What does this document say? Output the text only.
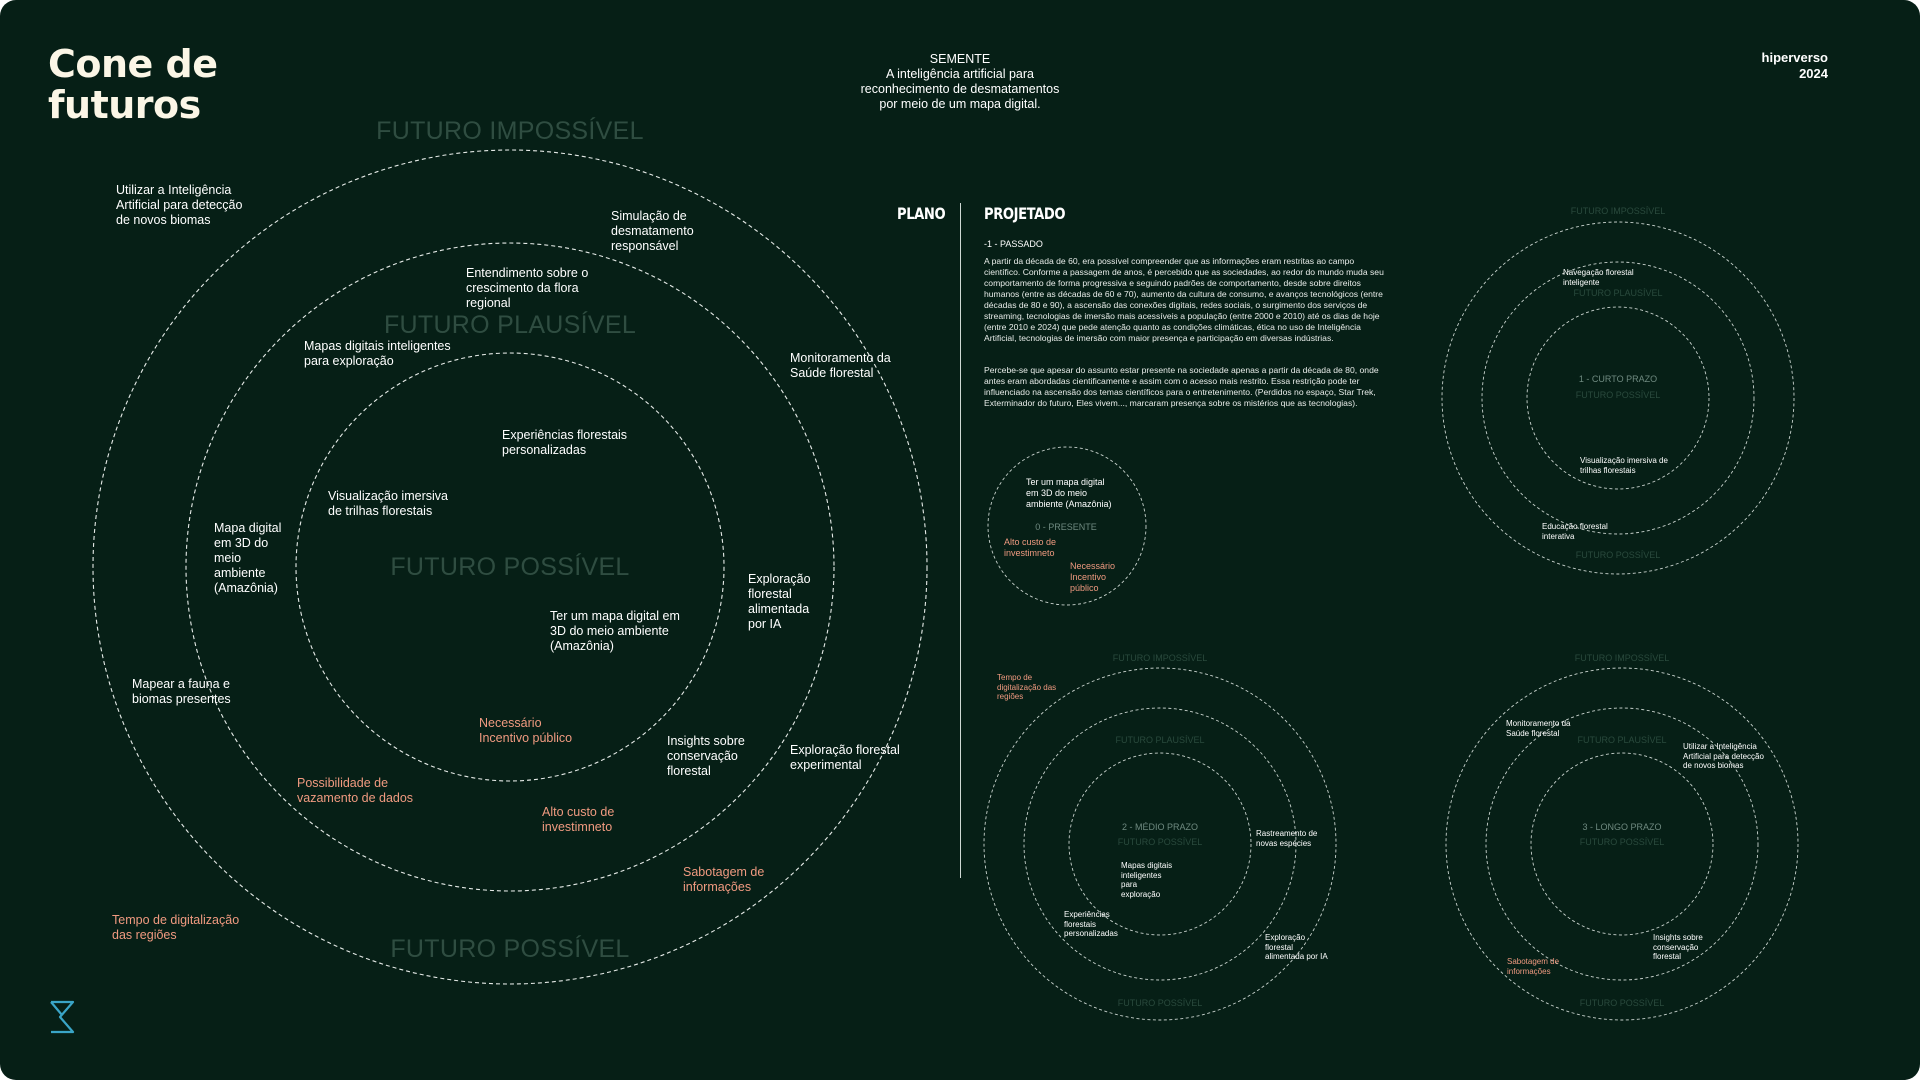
Cone de
futuros
SEMENTE
A inteligência artificial para reconhecimento de desmatamentos por meio de um mapa digital.
hiperverso
2024
FUTURO IMPOSSÍVEL
FUTURO PLAUSÍVEL
FUTURO POSSÍVEL
FUTURO POSSÍVEL
Utilizar a Inteligência
Artificial para detecção
de novos biomas	Simulação de
desmatamento
responsável
Entendimento sobre o
crescimento da flora
regional
Mapas digitais inteligentes
para exploração	Monitoramento da
Saúde florestal
Experiências florestais
personalizadas
Visualização imersiva
de trilhas florestais
Mapa digital
em 3D do
meio
ambiente
(Amazônia)
Exploração
florestal
alimentada
por IA
Ter um mapa digital em
3D do meio ambiente
(Amazônia)
Mapear a fauna e
biomas presentes
Insights sobre
conservação
florestal
Exploração florestal
experimental
Necessário
Incentivo público
Possibilidade de
vazamento de dados
Alto custo de
investimneto
Sabotagem de
informações
Tempo de digitalização
das regiões
PLANO PROJETADO
-1 - PASSADO
A partir da década de 60, era possível compreender que as informações eram restritas ao campo científico. Conforme a passagem de anos, é percebido que as sociedades, ao redor do mundo muda seu comportamento de forma progressiva e seguindo padrões de comportamento, desde sobre direitos humanos (entre as décadas de 60 e 70), aumento da cultura de consumo, e avanços tecnológicos (entre décadas de 80 e 90), a ascensão das conexões digitais, redes sociais, o surgimento dos serviços de streaming, tecnologias de imersão mais acessíveis a população (entre 2000 e 2010) até os dias de hoje (entre 2010 e 2024) que pede atenção quanto as condições climáticas, ética no uso de Inteligência Artificial, tecnologias de imersão com maior presença e participação em diversas indústrias.
Percebe-se que apesar do assunto estar presente na sociedade apenas a partir da década de 80, onde antes eram abordadas cientificamente e assim com o acesso mais restrito. Essa restrição pode ter influenciado na ascensão dos temas científicos para o entretenimento. (Perdidos no espaço, Star Trek, Exterminador do futuro, Eles vivem..., marcaram presença sobre os mistérios que as tecnologias).
0 - PRESENTE
Ter um mapa digital
em 3D do meio
ambiente (Amazônia)
Alto custo de
investimneto
Necessário
Incentivo
público
FUTURO IMPOSSÍVEL
FUTURO PLAUSÍVEL
FUTURO POSSÍVEL
FUTURO POSSÍVEL
1 - CURTO PRAZO
Navegação florestal
inteligente
Visualização imersiva de
trilhas florestais
Educação florestal
interativa
FUTURO IMPOSSÍVEL
FUTURO PLAUSÍVEL
FUTURO POSSÍVEL
FUTURO POSSÍVEL
2 - MÉDIO PRAZO
Tempo de
digitalização das
regiões
Rastreamento de
novas espécies
Mapas digitais
inteligentes
para
exploração
Experiências
florestais
personalizadas	Exploração
florestal
alimentada por IA
FUTURO IMPOSSÍVEL
FUTURO PLAUSÍVEL
FUTURO POSSÍVEL
FUTURO POSSÍVEL
3 - LONGO PRAZO
Monitoramento da
Saúde florestal
Utilizar a Inteligência
Artificial para detecção
de novos biomas
Insights sobre
conservação
florestal
Sabotagem de
informações
